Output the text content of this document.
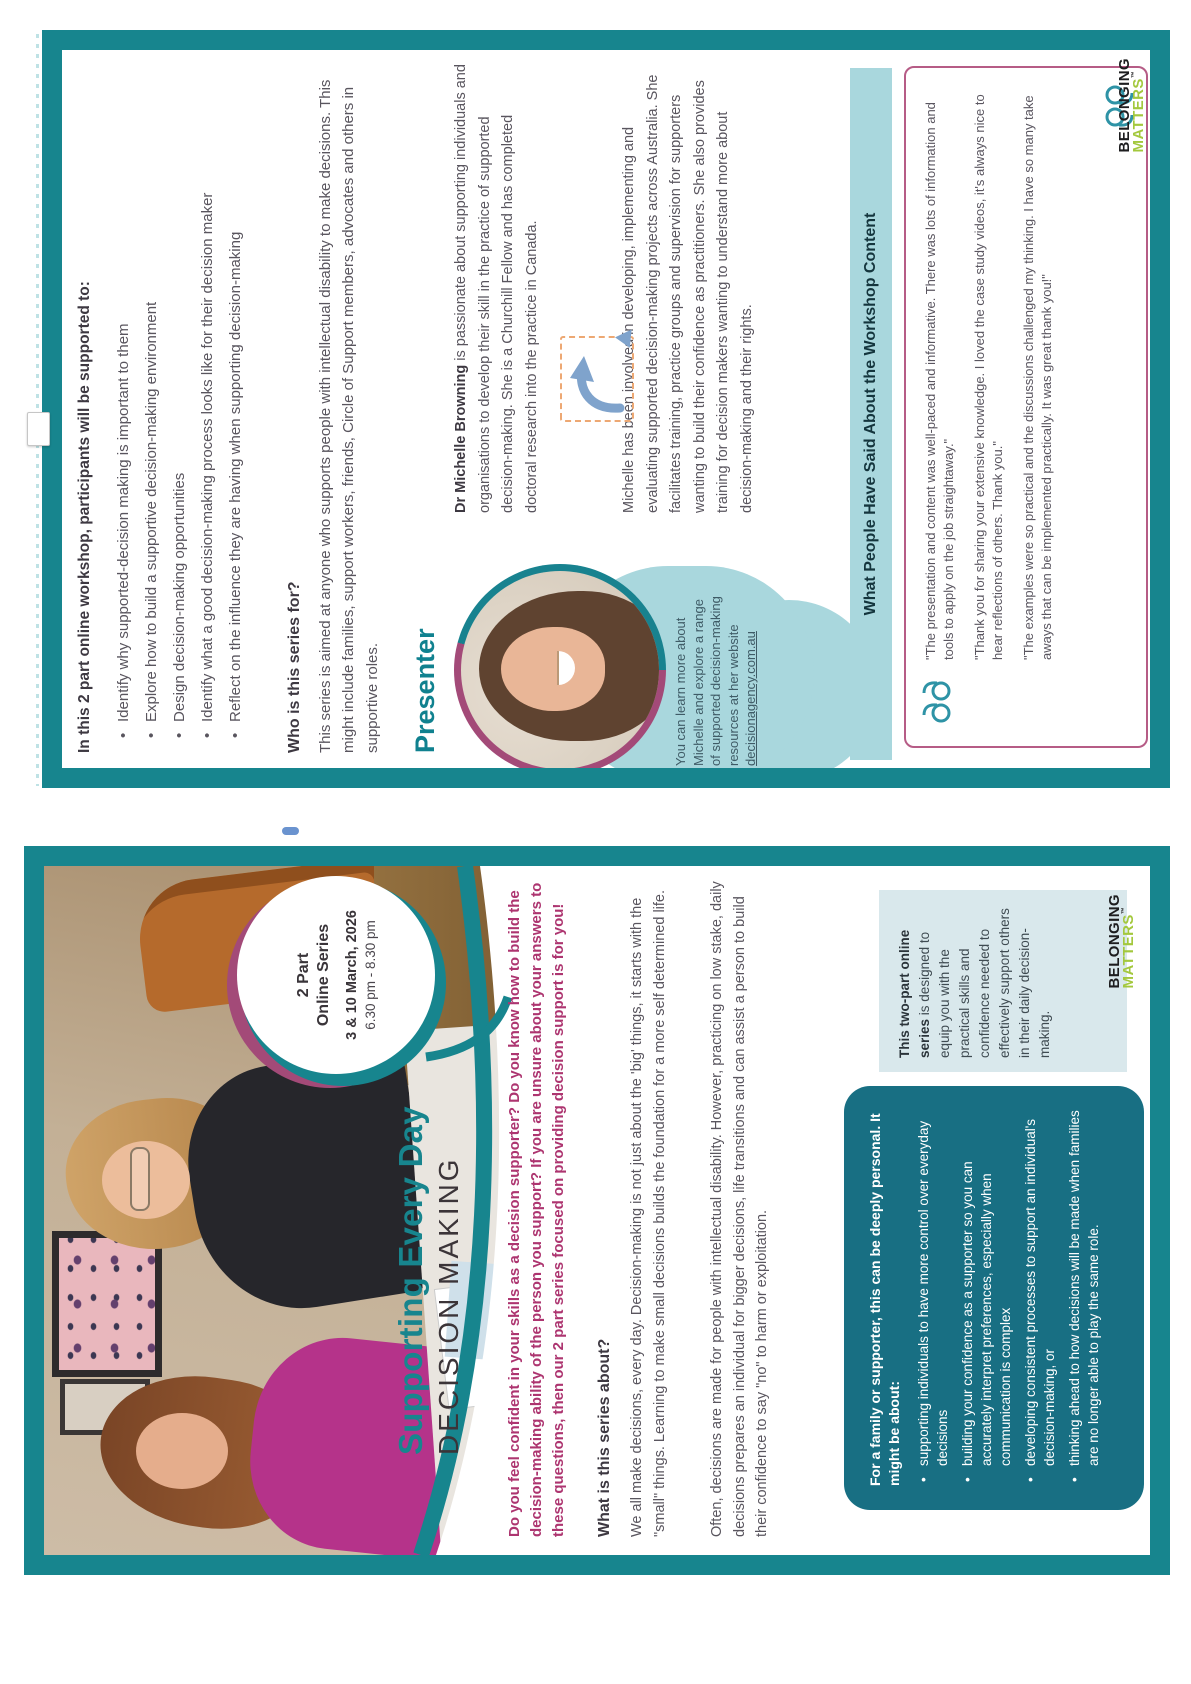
In this 2 part online workshop, participants will be supported to:	• Identify why supported-decision making is important to them • Explore how to build a supportive decision-making environment • Design decision-making opportunities • Identify what a good decision-making process looks like for their decision maker • Reflect on the influence they are having when supporting decision-making	Who is this series for? This series is aimed at anyone who supports people with intellectual disability to make decisions. This might include families, support workers, friends, Circle of Support members, advocates and others in supportive roles. Presenter	You can learn more about Michelle and explore a range of supported decision-making resources at her website decisionagency.com.au

Dr Michelle Browning is passionate about supporting individuals and organisations to develop their skill in the practice of supported decision-making. She is a Churchill Fellow and has completed doctoral research into the practice in Canada.	Michelle has been involved in developing, implementing and evaluating supported decision-making projects across Australia. She facilitates training, practice groups and supervision for supporters wanting to build their confidence as practitioners. She also provides training for decision makers wanting to understand more about decision-making and their rights.	What People Have Said About the Workshop Content	"The presentation and content was well-paced and informative. There was lots of information and tools to apply on the job straightaway." "Thank you for sharing your extensive knowledge. I loved the case study videos, it's always nice to hear reflections of others. Thank you." "The examples were so practical and the discussions challenged my thinking. I have so many take aways that can be implemented practically. It was great thank you!"

BELONGING
MATTERS™
2 Part Online Series 3 & 10 March, 2026 6.30 pm - 8.30 pm
Supporting Every Day DECISION MAKING	Do you feel confident in your skills as a decision supporter? Do you know how to build the decision-making ability of the person you support? If you are unsure about your answers to these questions, then our 2 part series focused on providing decision support is for you! What is this series about? We all make decisions, every day. Decision-making is not just about the 'big' things, it starts with the "small" things. Learning to make small decisions builds the foundation for a more self determined life.	Often, decisions are made for people with intellectual disability. However, practicing on low stake, daily decisions prepares an individual for bigger decisions, life transitions and can assist a person to build their confidence to say "no" to harm or exploitation.	For a family or supporter, this can be deeply personal. It might be about: • supporting individuals to have more control over everyday decisions • building your confidence as a supporter so you can accurately interpret preferences, especially when communication is complex • developing consistent processes to support an individual's decision-making, or • thinking ahead to how decisions will be made when families are no longer able to play the same role.
This two-part online series is designed to equip you with the practical skills and confidence needed to effectively support others in their daily decision-making.
BELONGING
MATTERS™
